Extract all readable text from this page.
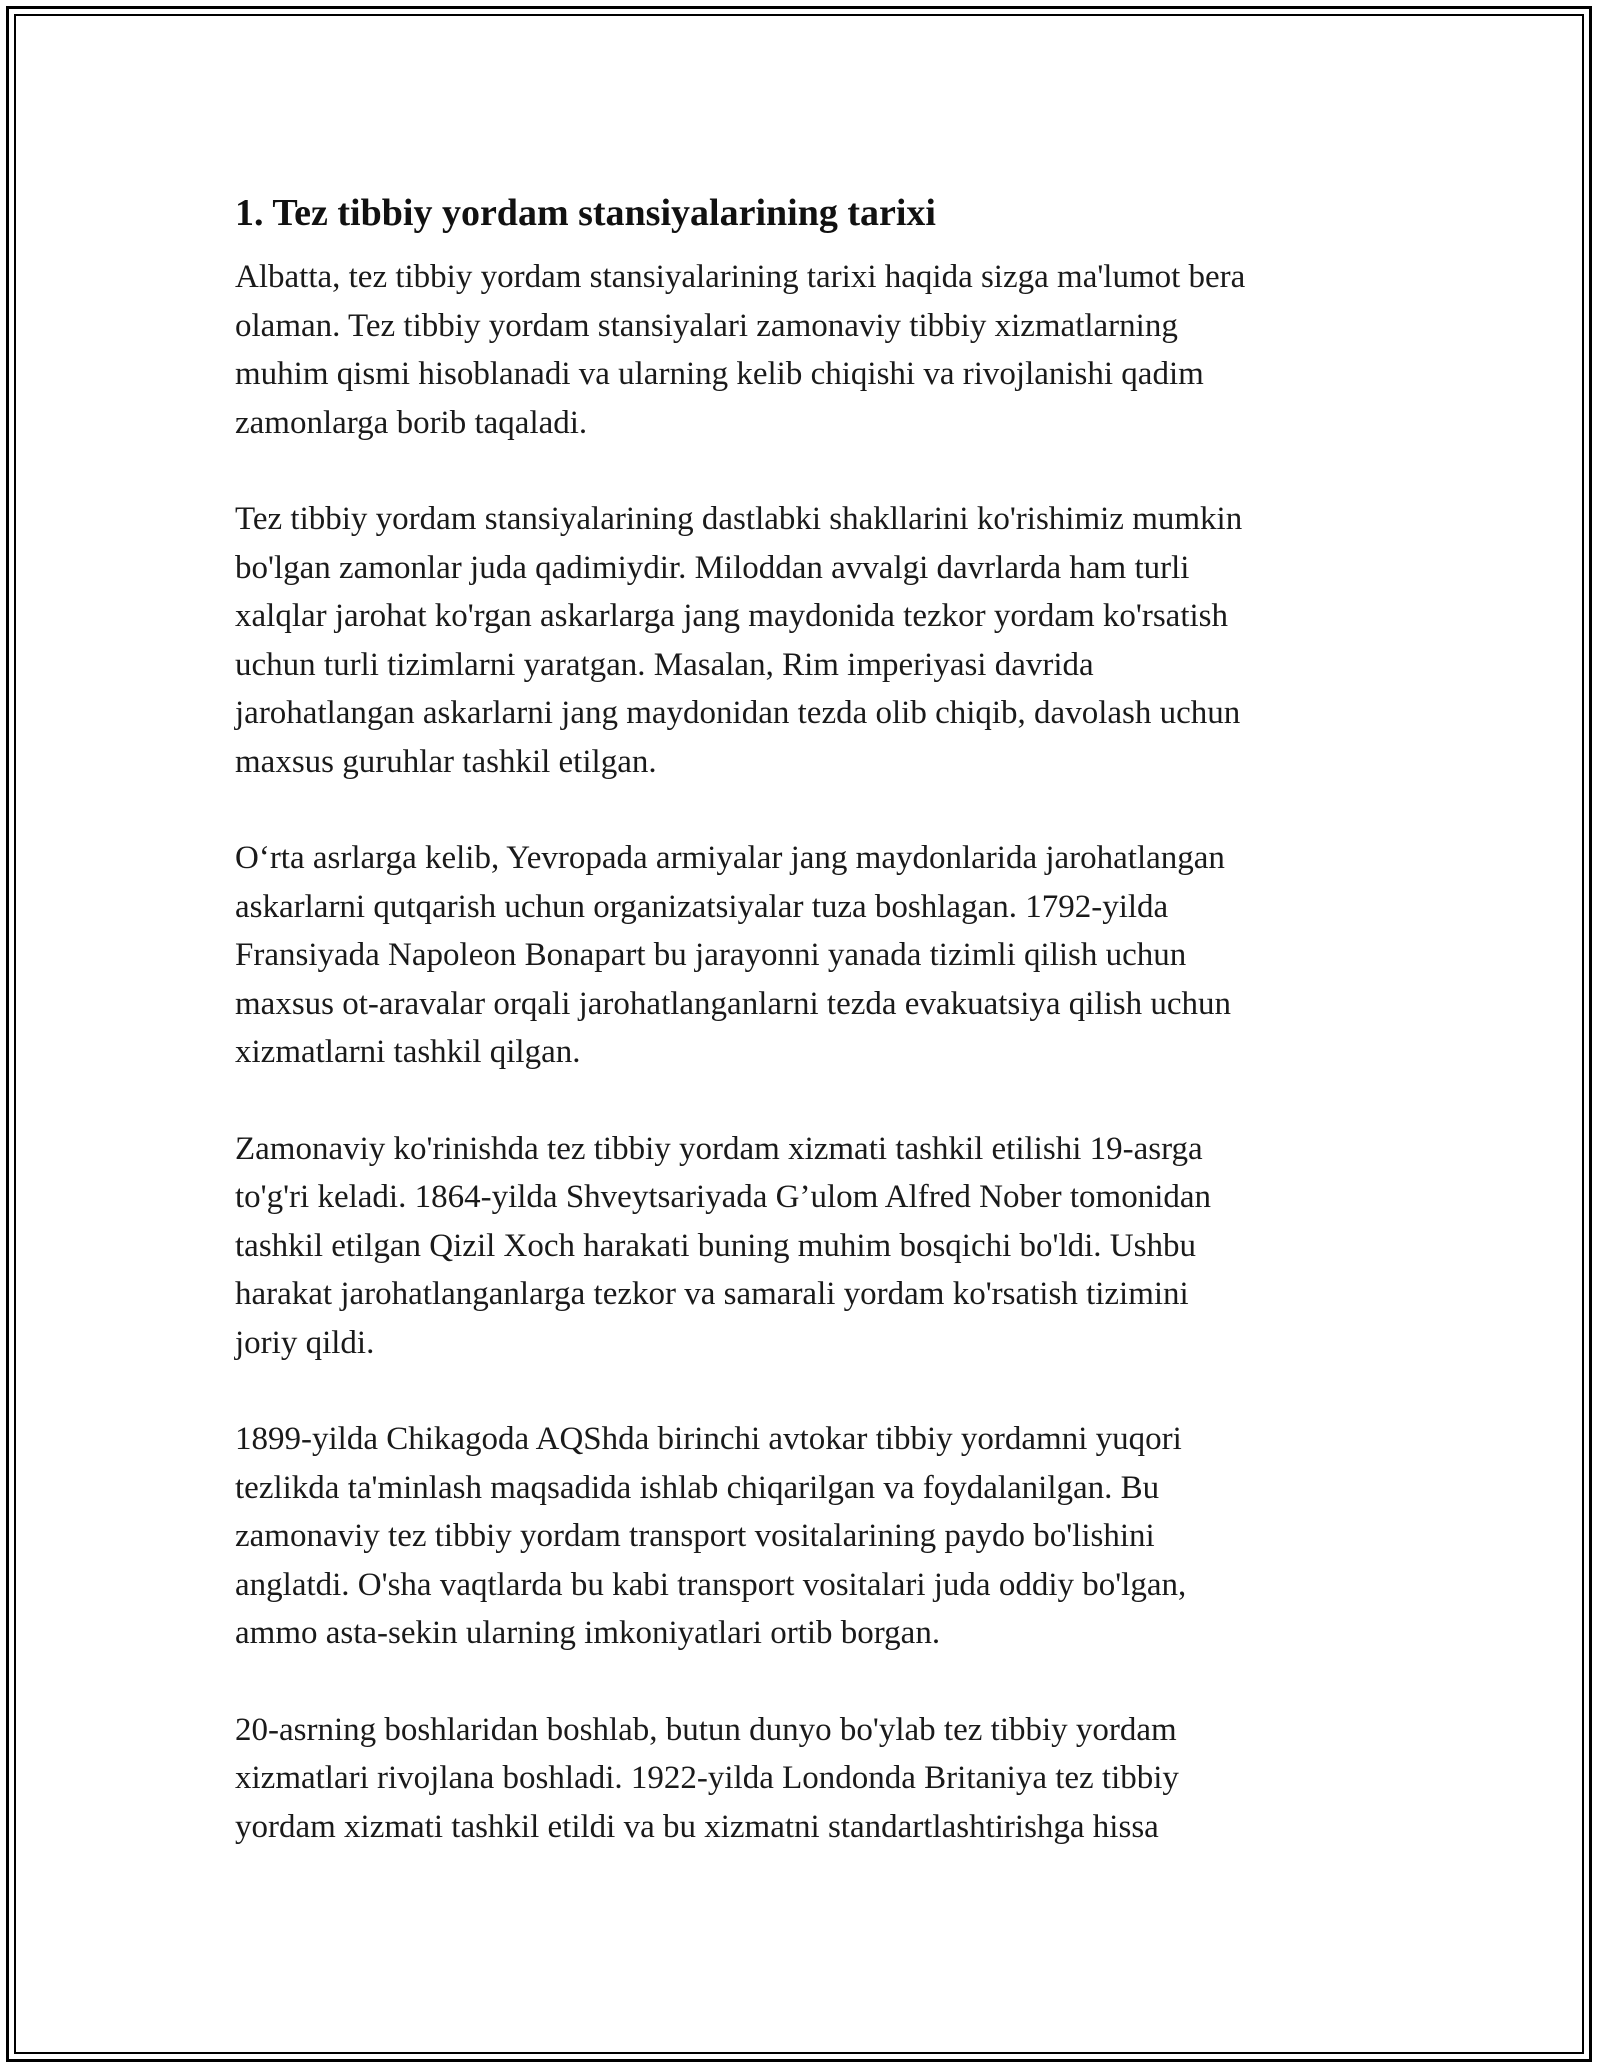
1. Tez tibbiy yordam stansiyalarining tarixi

Albatta, tez tibbiy yordam stansiyalarining tarixi haqida sizga ma'lumot bera
olaman. Tez tibbiy yordam stansiyalari zamonaviy tibbiy xizmatlarning
muhim qismi hisoblanadi va ularning kelib chiqishi va rivojlanishi qadim
zamonlarga borib taqaladi.

Tez tibbiy yordam stansiyalarining dastlabki shakllarini ko'rishimiz mumkin
bo'lgan zamonlar juda qadimiydir. Miloddan avvalgi davrlarda ham turli
xalqlar jarohat ko'rgan askarlarga jang maydonida tezkor yordam ko'rsatish
uchun turli tizimlarni yaratgan. Masalan, Rim imperiyasi davrida
jarohatlangan askarlarni jang maydonidan tezda olib chiqib, davolash uchun
maxsus guruhlar tashkil etilgan.

O‘rta asrlarga kelib, Yevropada armiyalar jang maydonlarida jarohatlangan
askarlarni qutqarish uchun organizatsiyalar tuza boshlagan. 1792-yilda
Fransiyada Napoleon Bonapart bu jarayonni yanada tizimli qilish uchun
maxsus ot-aravalar orqali jarohatlanganlarni tezda evakuatsiya qilish uchun
xizmatlarni tashkil qilgan.

Zamonaviy ko'rinishda tez tibbiy yordam xizmati tashkil etilishi 19-asrga
to'g'ri keladi. 1864-yilda Shveytsariyada G’ulom Alfred Nober tomonidan
tashkil etilgan Qizil Xoch harakati buning muhim bosqichi bo'ldi. Ushbu
harakat jarohatlanganlarga tezkor va samarali yordam ko'rsatish tizimini
joriy qildi.

1899-yilda Chikagoda AQShda birinchi avtokar tibbiy yordamni yuqori
tezlikda ta'minlash maqsadida ishlab chiqarilgan va foydalanilgan. Bu
zamonaviy tez tibbiy yordam transport vositalarining paydo bo'lishini
anglatdi. O'sha vaqtlarda bu kabi transport vositalari juda oddiy bo'lgan,
ammo asta-sekin ularning imkoniyatlari ortib borgan.

20-asrning boshlaridan boshlab, butun dunyo bo'ylab tez tibbiy yordam
xizmatlari rivojlana boshladi. 1922-yilda Londonda Britaniya tez tibbiy
yordam xizmati tashkil etildi va bu xizmatni standartlashtirishga hissa
